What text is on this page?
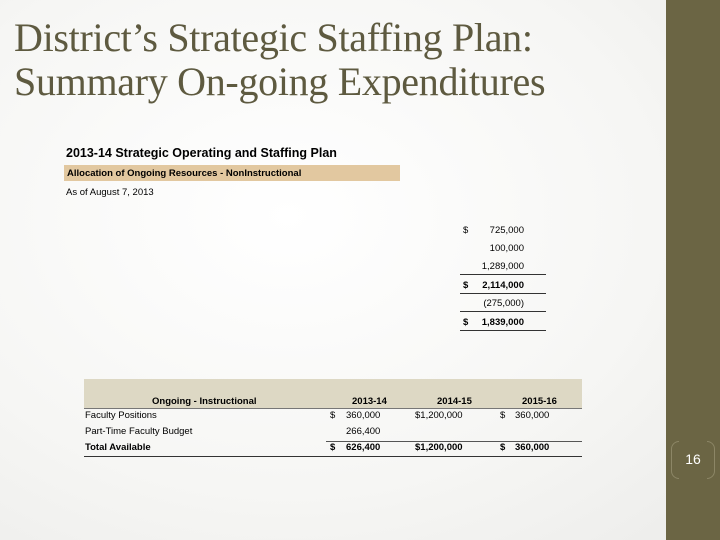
District’s Strategic Staffing Plan:
Summary On-going Expenditures
16
2013-14 Strategic Operating and Staffing Plan
Allocation of Ongoing Resources - NonInstructional
As of August 7, 2013
$	725,000
100,000
1,289,000
$	2,114,000
(275,000)
$	1,839,000
Ongoing - Instructional	2013-14	2014-15	2015-16
Faculty Positions	$ 360,000	$1,200,000	$ 360,000
Part-Time Faculty Budget	266,400
Total Available	$ 626,400	$1,200,000	$ 360,000
